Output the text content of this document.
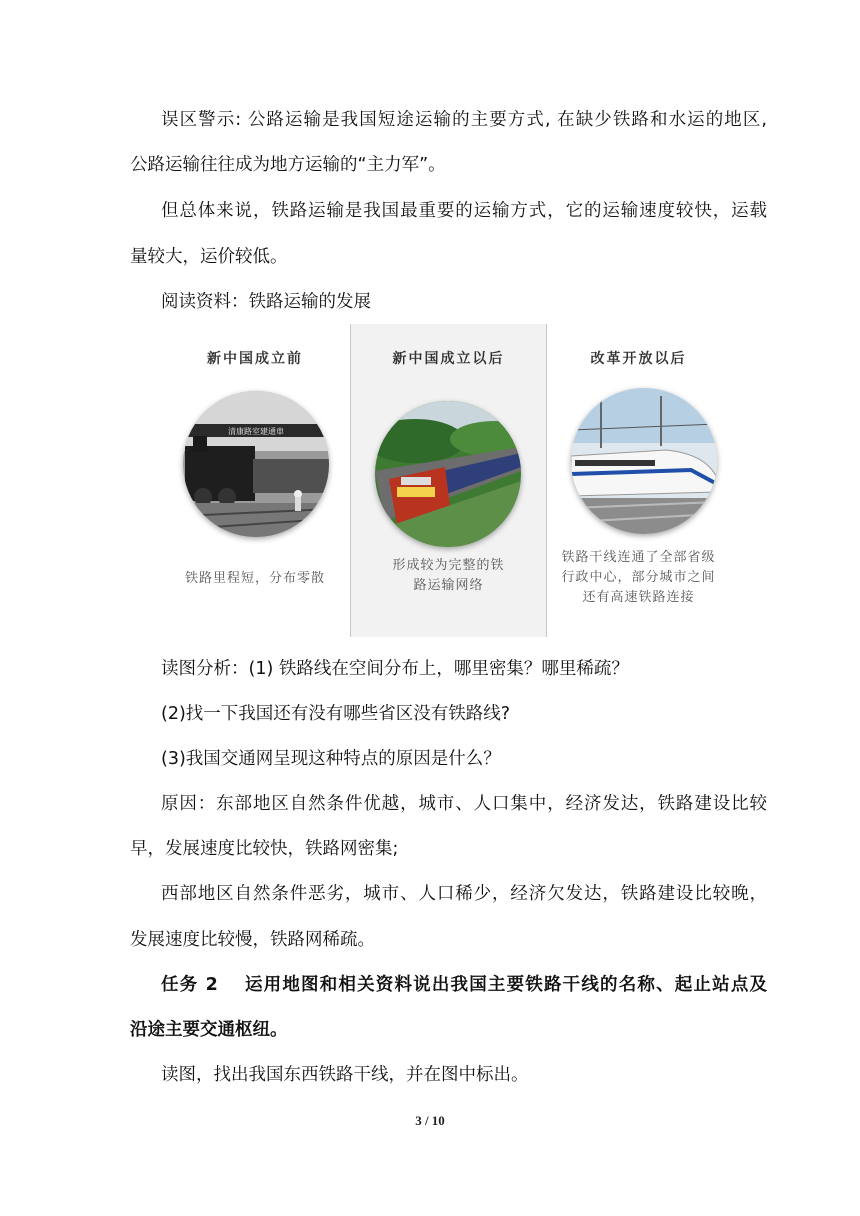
误区警示: 公路运输是我国短途运输的主要方式, 在缺少铁路和水运的地区,

公路运输往往成为地方运输的“主力军”。

但总体来说，铁路运输是我国最重要的运输方式，它的运输速度较快，运载

量较大，运价较低。

阅读资料：铁路运输的发展

新中国成立前
清康路室建通車
铁路里程短，分布零散
新中国成立以后
形成较为完整的铁
路运输网络
改革开放以后
铁路干线连通了全部省级
行政中心，部分城市之间
还有高速铁路连接

读图分析：(1) 铁路线在空间分布上，哪里密集？哪里稀疏？

(2)找一下我国还有没有哪些省区没有铁路线?

(3)我国交通网呈现这种特点的原因是什么？

原因：东部地区自然条件优越，城市、人口集中，经济发达，铁路建设比较

早，发展速度比较快，铁路网密集;

西部地区自然条件恶劣，城市、人口稀少，经济欠发达，铁路建设比较晚，

发展速度比较慢，铁路网稀疏。

任务 2　 运用地图和相关资料说出我国主要铁路干线的名称、起止站点及

沿途主要交通枢纽。

读图，找出我国东西铁路干线，并在图中标出。

3 / 10
